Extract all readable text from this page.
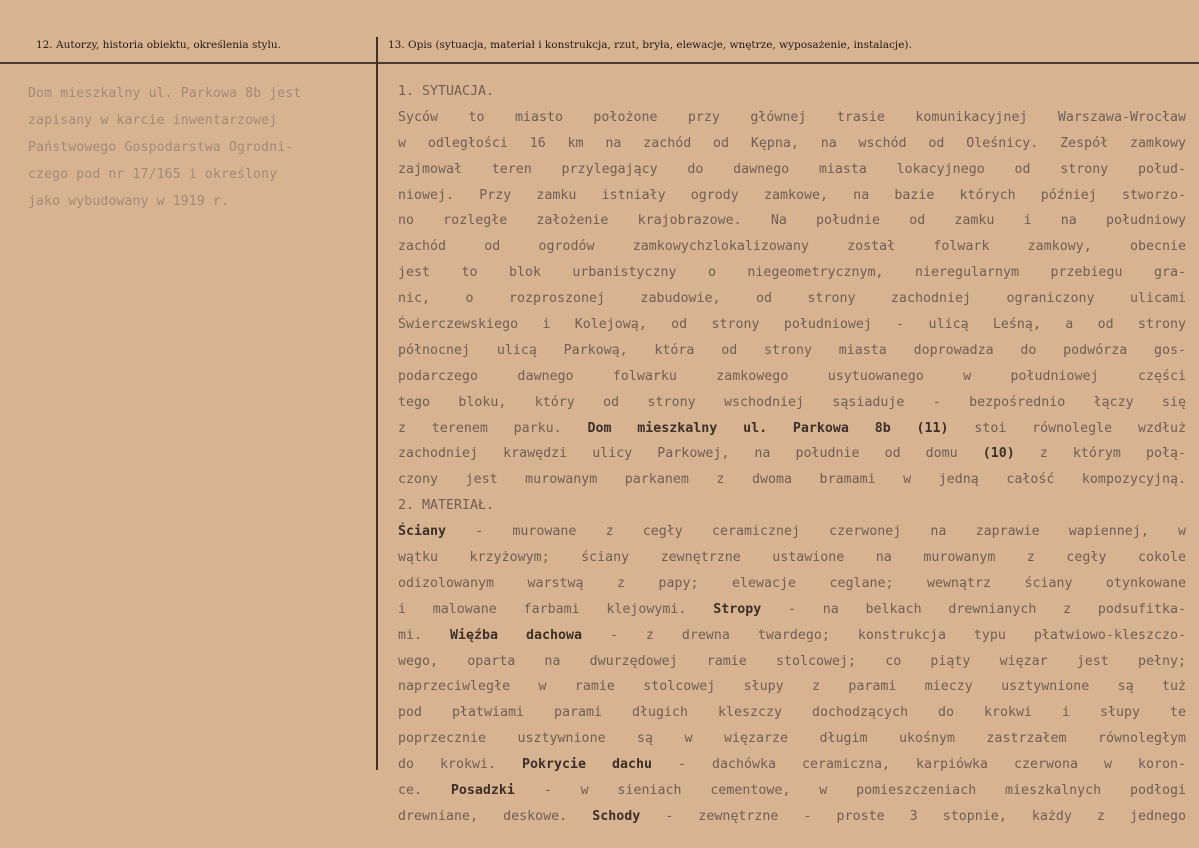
12. Autorzy, historia obiektu, określenia stylu.	13. Opis (sytuacja, materiał i konstrukcja, rzut, bryła, elewacje, wnętrze, wyposażenie, instalacje).
Dom mieszkalny ul. Parkowa 8b jest
zapisany w karcie inwentarzowej
Państwowego Gospodarstwa Ogrodni-
czego pod nr 17/165 i określony
jako wybudowany w 1919 r.
1. SYTUACJA.
Syców to miasto położone przy głównej trasie komunikacyjnej Warszawa-Wrocław
w odległości 16 km na zachód od Kępna, na wschód od Oleśnicy. Zespół zamkowy
zajmował teren przylegający do dawnego miasta lokacyjnego od strony połud-
niowej. Przy zamku istniały ogrody zamkowe, na bazie których później stworzo-
no rozległe założenie krajobrazowe. Na południe od zamku i na południowy
zachód od ogrodów zamkowychzlokalizowany został folwark zamkowy, obecnie
jest to blok urbanistyczny o niegeometrycznym, nieregularnym przebiegu gra-
nic, o rozproszonej zabudowie, od strony zachodniej ograniczony ulicami
Świerczewskiego i Kolejową, od strony południowej - ulicą Leśną, a od strony
północnej ulicą Parkową, która od strony miasta doprowadza do podwórza gos-
podarczego dawnego folwarku zamkowego usytuowanego w południowej części
tego bloku, który od strony wschodniej sąsiaduje - bezpośrednio łączy się
z terenem parku. Dom mieszkalny ul. Parkowa 8b (11) stoi równolegle wzdłuż
zachodniej krawędzi ulicy Parkowej, na południe od domu (10) z którym połą-
czony jest murowanym parkanem z dwoma bramami w jedną całość kompozycyjną.
2. MATERIAŁ.
Ściany - murowane z cegły ceramicznej czerwonej na zaprawie wapiennej, w
wątku krzyżowym; ściany zewnętrzne ustawione na murowanym z cegły cokole
odizolowanym warstwą z papy; elewacje ceglane; wewnątrz ściany otynkowane
i malowane farbami klejowymi. Stropy - na belkach drewnianych z podsufitka-
mi. Więźba dachowa - z drewna twardego; konstrukcja typu płatwiowo-kleszczo-
wego, oparta na dwurzędowej ramie stolcowej; co piąty więzar jest pełny;
naprzeciwległe w ramie stolcowej słupy z parami mieczy usztywnione są tuż
pod płatwiami parami długich kleszczy dochodzących do krokwi i słupy te
poprzecznie usztywnione są w więzarze długim ukośnym zastrzałem równoległym
do krokwi. Pokrycie dachu - dachówka ceramiczna, karpiówka czerwona w koron-
ce. Posadzki - w sieniach cementowe, w pomieszczeniach mieszkalnych podłogi
drewniane, deskowe. Schody - zewnętrzne - proste 3 stopnie, każdy z jednego
